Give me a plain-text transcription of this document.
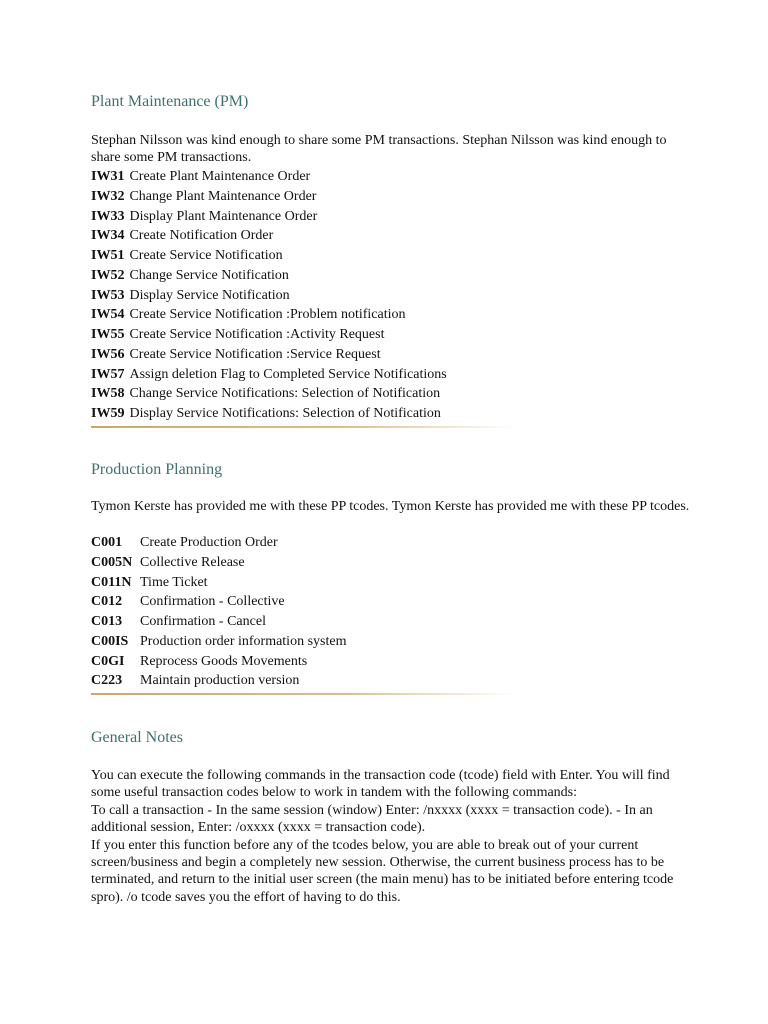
Plant Maintenance (PM)
Stephan Nilsson was kind enough to share some PM transactions. Stephan Nilsson was kind enough to share some PM transactions.
IW31 Create Plant Maintenance Order
IW32 Change Plant Maintenance Order
IW33 Display Plant Maintenance Order
IW34 Create Notification Order
IW51 Create Service Notification
IW52 Change Service Notification
IW53 Display Service Notification
IW54 Create Service Notification :Problem notification
IW55 Create Service Notification :Activity Request
IW56 Create Service Notification :Service Request
IW57 Assign deletion Flag to Completed Service Notifications
IW58 Change Service Notifications: Selection of Notification
IW59 Display Service Notifications: Selection of Notification
Production Planning
Tymon Kerste has provided me with these PP tcodes. Tymon Kerste has provided me with these PP tcodes.
C001 Create Production Order
C005N Collective Release
C011N Time Ticket
C012 Confirmation - Collective
C013 Confirmation - Cancel
C00IS Production order information system
C0GI Reprocess Goods Movements
C223 Maintain production version
General Notes

You can execute the following commands in the transaction code (tcode) field with Enter. You will find some useful transaction codes below to work in tandem with the following commands:

To call a transaction - In the same session (window) Enter: /nxxxx (xxxx = transaction code). - In an additional session, Enter: /oxxxx (xxxx = transaction code).

If you enter this function before any of the tcodes below, you are able to break out of your current screen/business and begin a completely new session. Otherwise, the current business process has to be terminated, and return to the initial user screen (the main menu) has to be initiated before entering tcode spro). /o tcode saves you the effort of having to do this.
